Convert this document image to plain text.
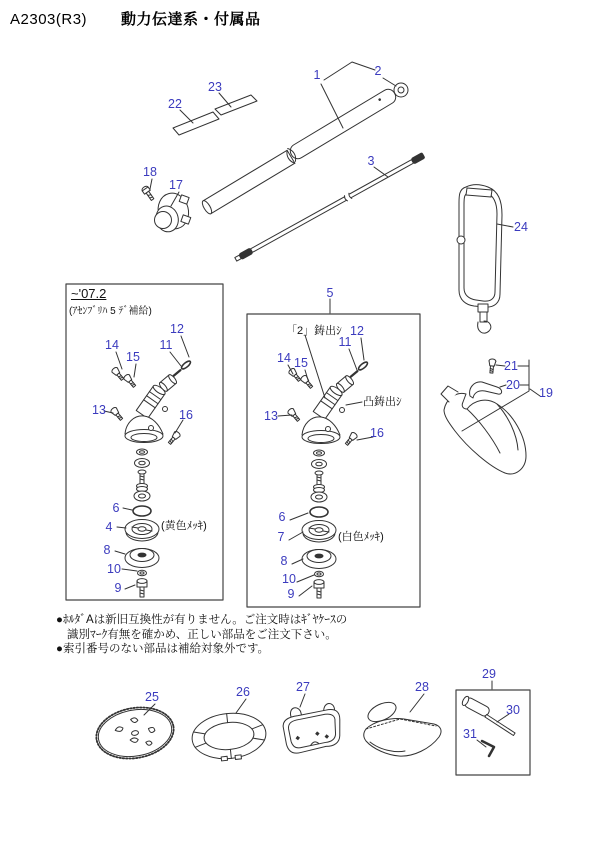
A2303(R3) 動力伝達系・付属品
~'07.2
(ｱｾﾝﾌﾞﾘﾊ 5 ﾃﾞ補給)
(黄色ﾒｯｷ)
「2」鋳出ｼ
凸鋳出ｼ
(白色ﾒｯｷ)
1	2
3
22
23
18
17
24
5
21
20
19
14
15
12
11
13	16
6
4
8
10
9
12
11
14 15
13
16
6
7
8
10
9
25	26	27	28
29
30
31
●ﾎﾙﾀﾞAは新旧互換性が有りません。ご注文時はｷﾞﾔｹｰｽの
識別ﾏｰｸ有無を確かめ、正しい部品をご注文下さい。
●索引番号のない部品は補給対象外です。
